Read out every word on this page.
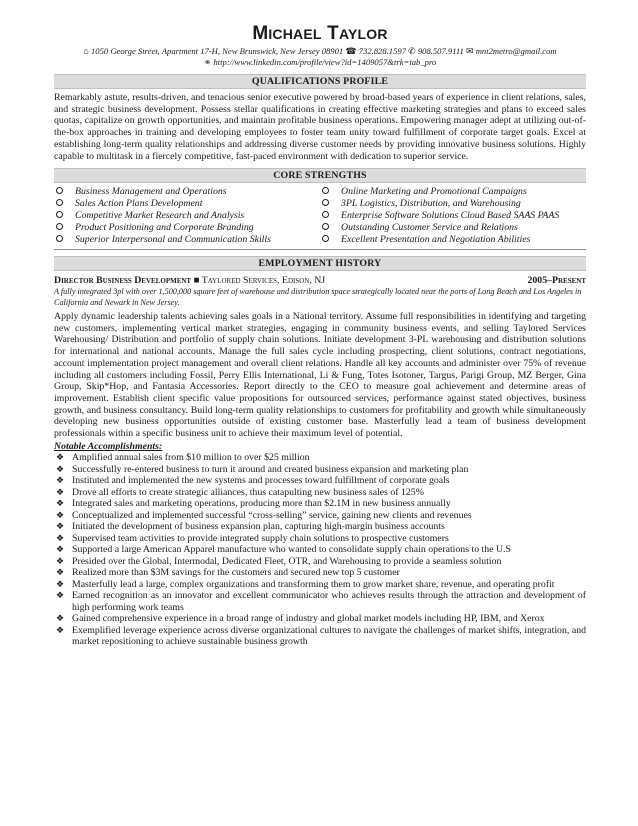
MICHAEL TAYLOR
⌂ 1050 George Street, Apartment 17-H, New Brunswick, New Jersey 08901 ☎ 732.828.1597 ✆ 908.507.9111 ✉ mnt2metro@gmail.com
⚭ http://www.linkedin.com/profile/view?id=1409057&trk=tab_pro
QUALIFICATIONS PROFILE

Remarkably astute, results-driven, and tenacious senior executive powered by broad-based years of experience in client relations, sales, and strategic business development. Possess stellar qualifications in creating effective marketing strategies and plans to exceed sales quotas, capitalize on growth opportunities, and maintain profitable business operations. Empowering manager adept at utilizing out-of-the-box approaches in training and developing employees to foster team unity toward fulfillment of corporate target goals. Excel at establishing long-term quality relationships and addressing diverse customer needs by providing innovative business solutions. Highly capable to multitask in a fiercely competitive, fast-paced environment with dedication to superior service.

CORE STRENGTHS
Business Management and Operations
Sales Action Plans Development
Competitive Market Research and Analysis
Product Positioning and Corporate Branding
Superior Interpersonal and Communication Skills
Online Marketing and Promotional Campaigns
3PL Logistics, Distribution, and Warehousing
Enterprise Software Solutions Cloud Based SAAS PAAS
Outstanding Customer Service and Relations
Excellent Presentation and Negotiation Abilities
EMPLOYMENT HISTORY
Director Business Development ■ Taylored Services, Edison, NJ	2005–Present

A fully integrated 3pl with over 1,500,000 square feet of warehouse and distribution space strategically located near the ports of Long Beach and Los Angeles in California and Newark in New Jersey.

Apply dynamic leadership talents achieving sales goals in a National territory. Assume full responsibilities in identifying and targeting new customers, implementing vertical market strategies, engaging in community business events, and selling Taylored Services Warehousing/ Distribution and portfolio of supply chain solutions. Initiate development 3-PL warehousing and distribution solutions for international and national accounts. Manage the full sales cycle including prospecting, client solutions, contract negotiations, account implementation project management and overall client relations. Handle all key accounts and administer over 75% of revenue including all customers including Fossil, Perry Ellis International, Li & Fung, Totes Isotoner, Targus, Parigi Group, MZ Berger, Gina Group, Skip*Hop, and Fantasia Accessories. Report directly to the CEO to measure goal achievement and determine areas of improvement. Establish client specific value propositions for outsourced services, performance against stated objectives, business growth, and business consultancy. Build long-term quality relationships to customers for profitability and growth while simultaneously developing new business opportunities outside of existing customer base. Masterfully lead a team of business development professionals within a specific business unit to achieve their maximum level of potential.

Notable Accomplishments:
❖ Amplified annual sales from $10 million to over $25 million
❖ Successfully re-entered business to turn it around and created business expansion and marketing plan
❖ Instituted and implemented the new systems and processes toward fulfillment of corporate goals
❖ Drove all efforts to create strategic alliances, thus catapulting new business sales of 125%
❖ Integrated sales and marketing operations, producing more than $2.1M in new business annually
❖ Conceptualized and implemented successful “cross-selling” service, gaining new clients and revenues
❖ Initiated the development of business expansion plan, capturing high-margin business accounts
❖ Supervised team activities to provide integrated supply chain solutions to prospective customers
❖ Supported a large American Apparel manufacture who wanted to consolidate supply chain operations to the U.S
❖ Presided over the Global, Intermodal, Dedicated Fleet, OTR, and Warehousing to provide a seamless solution
❖ Realized more than $3M savings for the customers and secured new top 5 customer
❖ Masterfully lead a large, complex organizations and transforming them to grow market share, revenue, and operating profit
❖ Earned recognition as an innovator and excellent communicator who achieves results through the attraction and development of high performing work teams
❖ Gained comprehensive experience in a broad range of industry and global market models including HP, IBM, and Xerox
❖ Exemplified leverage experience across diverse organizational cultures to navigate the challenges of market shifts, integration, and market repositioning to achieve sustainable business growth
